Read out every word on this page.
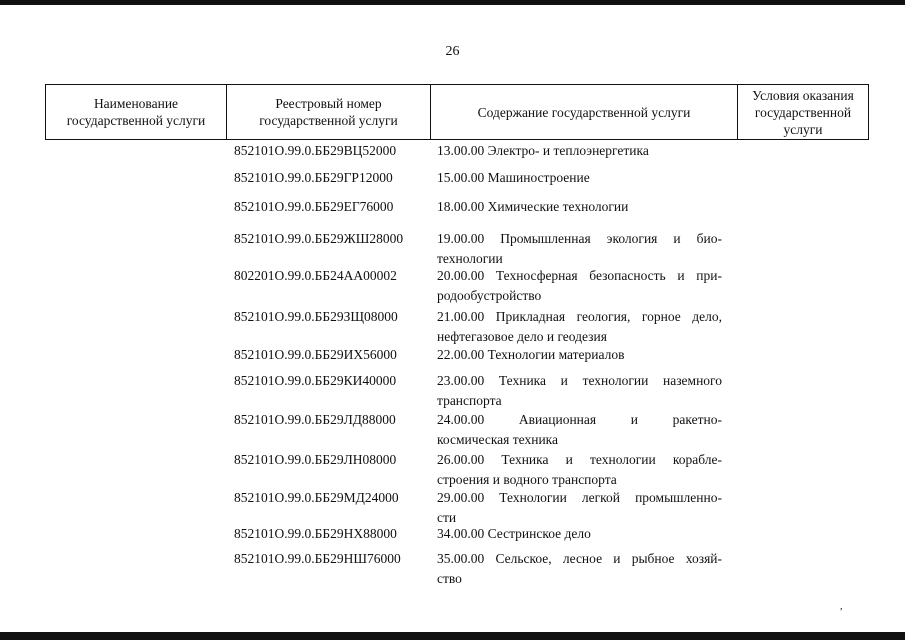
26
Наименование государственной услуги	Реестровый номер государственной услуги	Содержание государственной услуги	Условия оказания государственной услуги
852101О.99.0.ББ29ВЦ52000	13.00.00 Электро- и теплоэнергетика
852101О.99.0.ББ29ГР12000	15.00.00 Машиностроение
852101О.99.0.ББ29ЕГ76000	18.00.00 Химические технологии
852101О.99.0.ББ29ЖШ28000	19.00.00 Промышленная экология и био-
технологии
802201О.99.0.ББ24АА00002	20.00.00 Техносферная безопасность и при-
родообустройство
852101О.99.0.ББ29ЗЩ08000	21.00.00 Прикладная геология, горное дело,
нефтегазовое дело и геодезия
852101О.99.0.ББ29ИХ56000	22.00.00 Технологии материалов
852101О.99.0.ББ29КИ40000	23.00.00 Техника и технологии наземного
транспорта
852101О.99.0.ББ29ЛД88000	24.00.00 Авиационная и ракетно-
космическая техника
852101О.99.0.ББ29ЛН08000	26.00.00 Техника и технологии корабле-
строения и водного транспорта
852101О.99.0.ББ29МД24000	29.00.00 Технологии легкой промышленно-
сти
852101О.99.0.ББ29НХ88000	34.00.00 Сестринское дело
852101О.99.0.ББ29НШ76000	35.00.00 Сельское, лесное и рыбное хозяй-
ство
,
